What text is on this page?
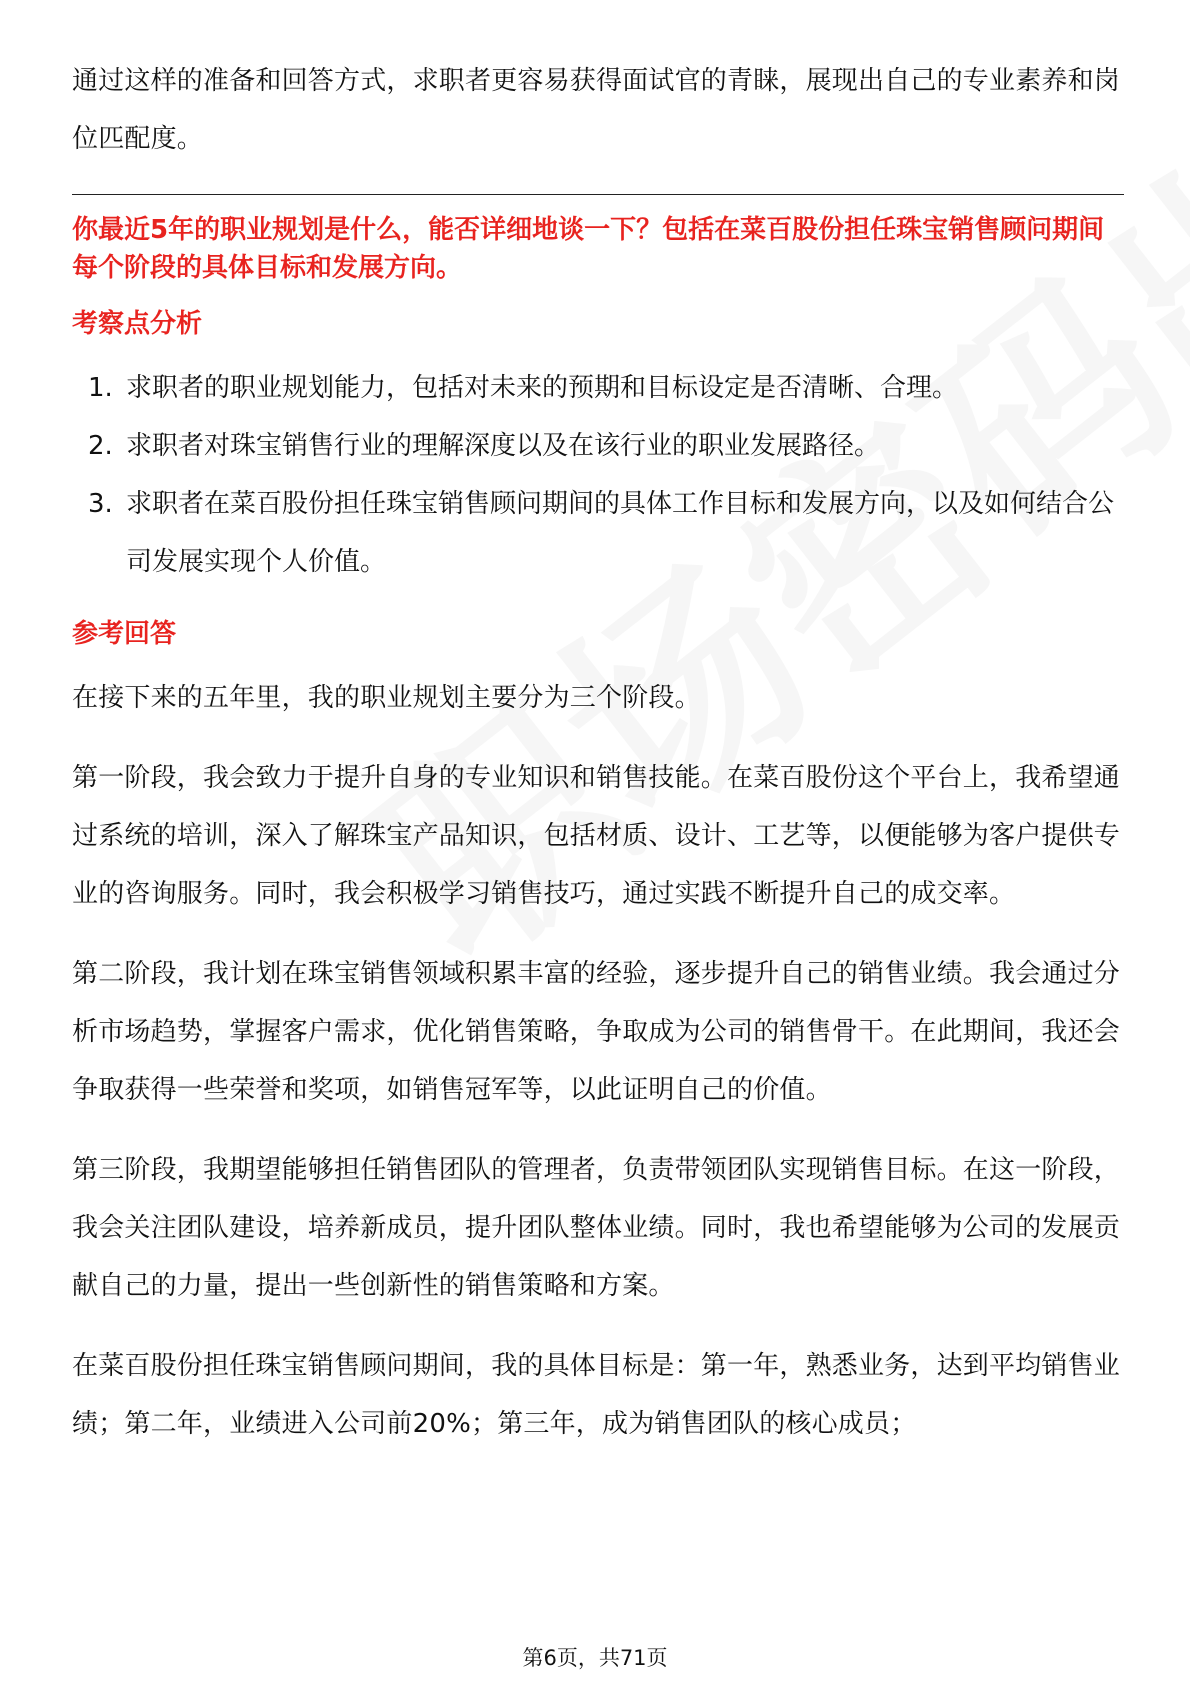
通过这样的准备和回答方式，求职者更容易获得面试官的青睐，展现出自己的专业素养和岗位匹配度。

你最近5年的职业规划是什么，能否详细地谈一下？包括在菜百股份担任珠宝销售顾问期间每个阶段的具体目标和发展方向。
考察点分析
1. 求职者的职业规划能力，包括对未来的预期和目标设定是否清晰、合理。
2. 求职者对珠宝销售行业的理解深度以及在该行业的职业发展路径。
3. 求职者在菜百股份担任珠宝销售顾问期间的具体工作目标和发展方向，以及如何结合公司发展实现个人价值。
参考回答

在接下来的五年里，我的职业规划主要分为三个阶段。

第一阶段，我会致力于提升自身的专业知识和销售技能。在菜百股份这个平台上，我希望通过系统的培训，深入了解珠宝产品知识，包括材质、设计、工艺等，以便能够为客户提供专业的咨询服务。同时，我会积极学习销售技巧，通过实践不断提升自己的成交率。

第二阶段，我计划在珠宝销售领域积累丰富的经验，逐步提升自己的销售业绩。我会通过分析市场趋势，掌握客户需求，优化销售策略，争取成为公司的销售骨干。在此期间，我还会争取获得一些荣誉和奖项，如销售冠军等，以此证明自己的价值。

第三阶段，我期望能够担任销售团队的管理者，负责带领团队实现销售目标。在这一阶段，我会关注团队建设，培养新成员，提升团队整体业绩。同时，我也希望能够为公司的发展贡献自己的力量，提出一些创新性的销售策略和方案。

在菜百股份担任珠宝销售顾问期间，我的具体目标是：第一年，熟悉业务，达到平均销售业绩；第二年，业绩进入公司前20%；第三年，成为销售团队的核心成员；

第6页，共71页
